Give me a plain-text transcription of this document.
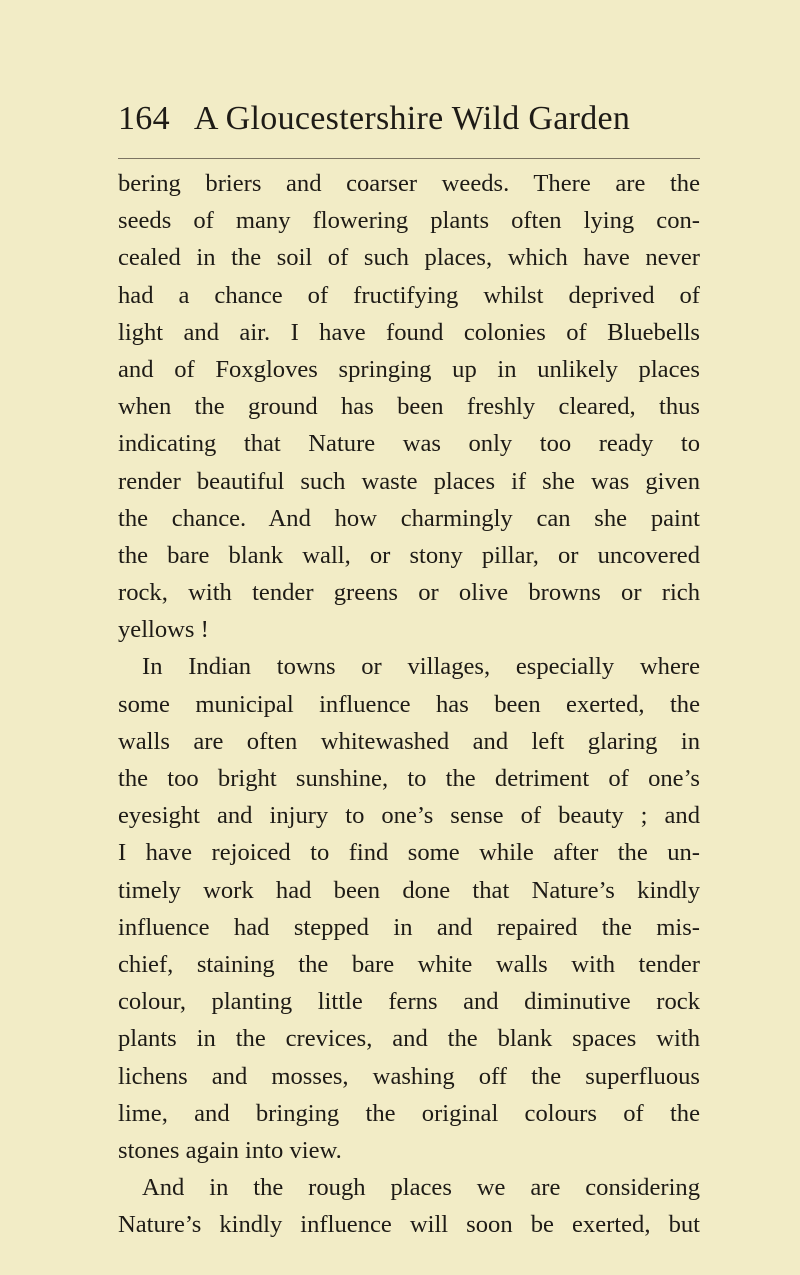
164 A Gloucestershire Wild Garden
bering briers and coarser weeds. There are the
seeds of many flowering plants often lying con-
cealed in the soil of such places, which have never
had a chance of fructifying whilst deprived of
light and air. I have found colonies of Bluebells
and of Foxgloves springing up in unlikely places
when the ground has been freshly cleared, thus
indicating that Nature was only too ready to
render beautiful such waste places if she was given
the chance. And how charmingly can she paint
the bare blank wall, or stony pillar, or uncovered
rock, with tender greens or olive browns or rich
yellows !
In Indian towns or villages, especially where
some municipal influence has been exerted, the
walls are often whitewashed and left glaring in
the too bright sunshine, to the detriment of one’s
eyesight and injury to one’s sense of beauty ; and
I have rejoiced to find some while after the un-
timely work had been done that Nature’s kindly
influence had stepped in and repaired the mis-
chief, staining the bare white walls with tender
colour, planting little ferns and diminutive rock
plants in the crevices, and the blank spaces with
lichens and mosses, washing off the superfluous
lime, and bringing the original colours of the
stones again into view.
And in the rough places we are considering
Nature’s kindly influence will soon be exerted, but
